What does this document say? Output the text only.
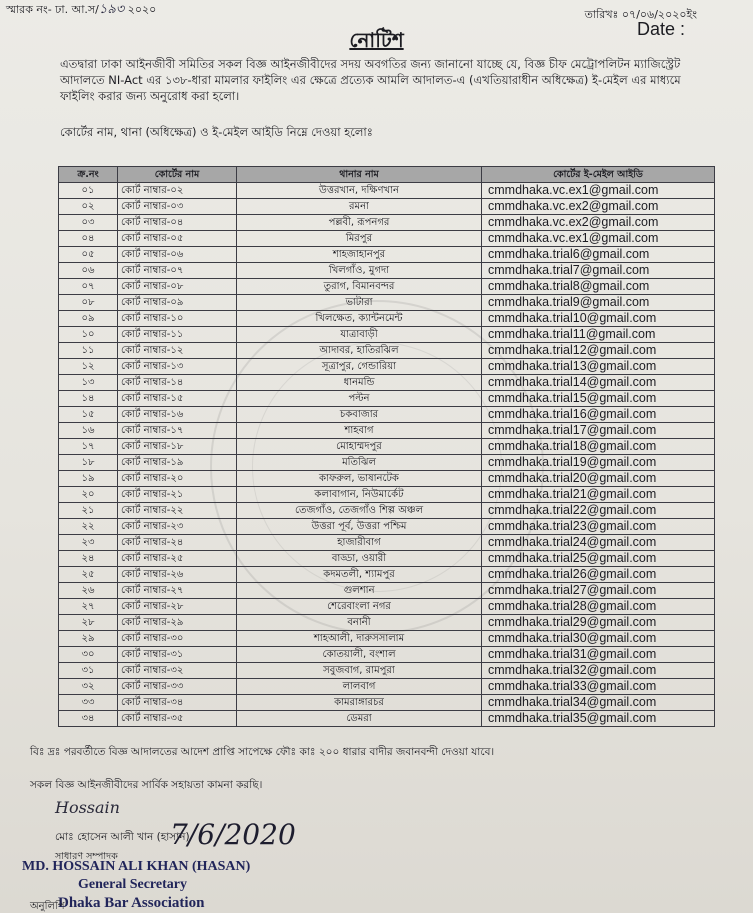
স্মারক নং- ঢা. আ.স/১৯৩ ২০২০	তারিখঃ ০৭/০৬/২০২০ইং
Date :
নোটিশ
এতদ্বারা ঢাকা আইনজীবী সমিতির সকল বিজ্ঞ আইনজীবীদের সদয় অবগতির জন্য জানানো যাচ্ছে যে, বিজ্ঞ চীফ মেট্রোপলিটন ম্যাজিস্ট্রেট আদালতে NI-Act এর ১৩৮-ধারা মামলার ফাইলিং এর ক্ষেত্রে প্রত্যেক আমলি আদালত-এ (এখতিয়ারাধীন অধিক্ষেত্র) ই-মেইল এর মাধ্যমে ফাইলিং করার জন্য অনুরোধ করা হলো।
কোর্টের নাম, থানা (অধিক্ষেত্র) ও ই-মেইল আইডি নিম্নে দেওয়া হলোঃ
ক্র.নং	কোর্টের নাম	থানার নাম	কোর্টের ই-মেইল আইডি
০১	কোর্ট নাম্বার-০২	উত্তরখান, দক্ষিণখান	cmmdhaka.vc.ex1@gmail.com
০২	কোর্ট নাম্বার-০৩	রমনা	cmmdhaka.vc.ex2@gmail.com
০৩	কোর্ট নাম্বার-০৪	পল্লবী, রূপনগর	cmmdhaka.vc.ex2@gmail.com
০৪	কোর্ট নাম্বার-০৫	মিরপুর	cmmdhaka.vc.ex1@gmail.com
০৫	কোর্ট নাম্বার-০৬	শাহজাহানপুর	cmmdhaka.trial6@gmail.com
০৬	কোর্ট নাম্বার-০৭	খিলগাঁও, মুগদা	cmmdhaka.trial7@gmail.com
০৭	কোর্ট নাম্বার-০৮	তুরাগ, বিমানবন্দর	cmmdhaka.trial8@gmail.com
০৮	কোর্ট নাম্বার-০৯	ভাটারা	cmmdhaka.trial9@gmail.com
০৯	কোর্ট নাম্বার-১০	খিলক্ষেত, ক্যান্টনমেন্ট	cmmdhaka.trial10@gmail.com
১০	কোর্ট নাম্বার-১১	যাত্রাবাড়ী	cmmdhaka.trial11@gmail.com
১১	কোর্ট নাম্বার-১২	আদাবর, হাতিরঝিল	cmmdhaka.trial12@gmail.com
১২	কোর্ট নাম্বার-১৩	সূত্রাপুর, গেন্ডারিয়া	cmmdhaka.trial13@gmail.com
১৩	কোর্ট নাম্বার-১৪	ধানমন্ডি	cmmdhaka.trial14@gmail.com
১৪	কোর্ট নাম্বার-১৫	পল্টন	cmmdhaka.trial15@gmail.com
১৫	কোর্ট নাম্বার-১৬	চকবাজার	cmmdhaka.trial16@gmail.com
১৬	কোর্ট নাম্বার-১৭	শাহবাগ	cmmdhaka.trial17@gmail.com
১৭	কোর্ট নাম্বার-১৮	মোহাম্মদপুর	cmmdhaka.trial18@gmail.com
১৮	কোর্ট নাম্বার-১৯	মতিঝিল	cmmdhaka.trial19@gmail.com
১৯	কোর্ট নাম্বার-২০	কাফরুল, ভাষানটেক	cmmdhaka.trial20@gmail.com
২০	কোর্ট নাম্বার-২১	কলাবাগান, নিউমার্কেট	cmmdhaka.trial21@gmail.com
২১	কোর্ট নাম্বার-২২	তেজগাঁও, তেজগাঁও শিল্প অঞ্চল	cmmdhaka.trial22@gmail.com
২২	কোর্ট নাম্বার-২৩	উত্তরা পূর্ব, উত্তরা পশ্চিম	cmmdhaka.trial23@gmail.com
২৩	কোর্ট নাম্বার-২৪	হাজারীবাগ	cmmdhaka.trial24@gmail.com
২৪	কোর্ট নাম্বার-২৫	বাড্ডা, ওয়ারী	cmmdhaka.trial25@gmail.com
২৫	কোর্ট নাম্বার-২৬	কদমতলী, শ্যামপুর	cmmdhaka.trial26@gmail.com
২৬	কোর্ট নাম্বার-২৭	গুলশান	cmmdhaka.trial27@gmail.com
২৭	কোর্ট নাম্বার-২৮	শেরেবাংলা নগর	cmmdhaka.trial28@gmail.com
২৮	কোর্ট নাম্বার-২৯	বনানী	cmmdhaka.trial29@gmail.com
২৯	কোর্ট নাম্বার-৩০	শাহআলী, দারুসসালাম	cmmdhaka.trial30@gmail.com
৩০	কোর্ট নাম্বার-৩১	কোতয়ালী, বংশাল	cmmdhaka.trial31@gmail.com
৩১	কোর্ট নাম্বার-৩২	সবুজবাগ, রামপুরা	cmmdhaka.trial32@gmail.com
৩২	কোর্ট নাম্বার-৩৩	লালবাগ	cmmdhaka.trial33@gmail.com
৩৩	কোর্ট নাম্বার-৩৪	কামরাঙ্গারচর	cmmdhaka.trial34@gmail.com
৩৪	কোর্ট নাম্বার-৩৫	ডেমরা	cmmdhaka.trial35@gmail.com
বিঃ দ্রঃ পরবর্তীতে বিজ্ঞ আদালতের আদেশ প্রাপ্তি সাপেক্ষে ফৌঃ কাঃ ২০০ ধারার বাদীর জবানবন্দী দেওয়া যাবে।
সকল বিজ্ঞ আইনজীবীদের সার্বিক সহায়তা কামনা করছি।
Hossain
মোঃ হোসেন আলী খান (হাসান)
7/6/2020
সাধারণ সম্পাদক
MD. HOSSAIN ALI KHAN (HASAN)
General Secretary
Dhaka Bar Association
অনুলিপি
